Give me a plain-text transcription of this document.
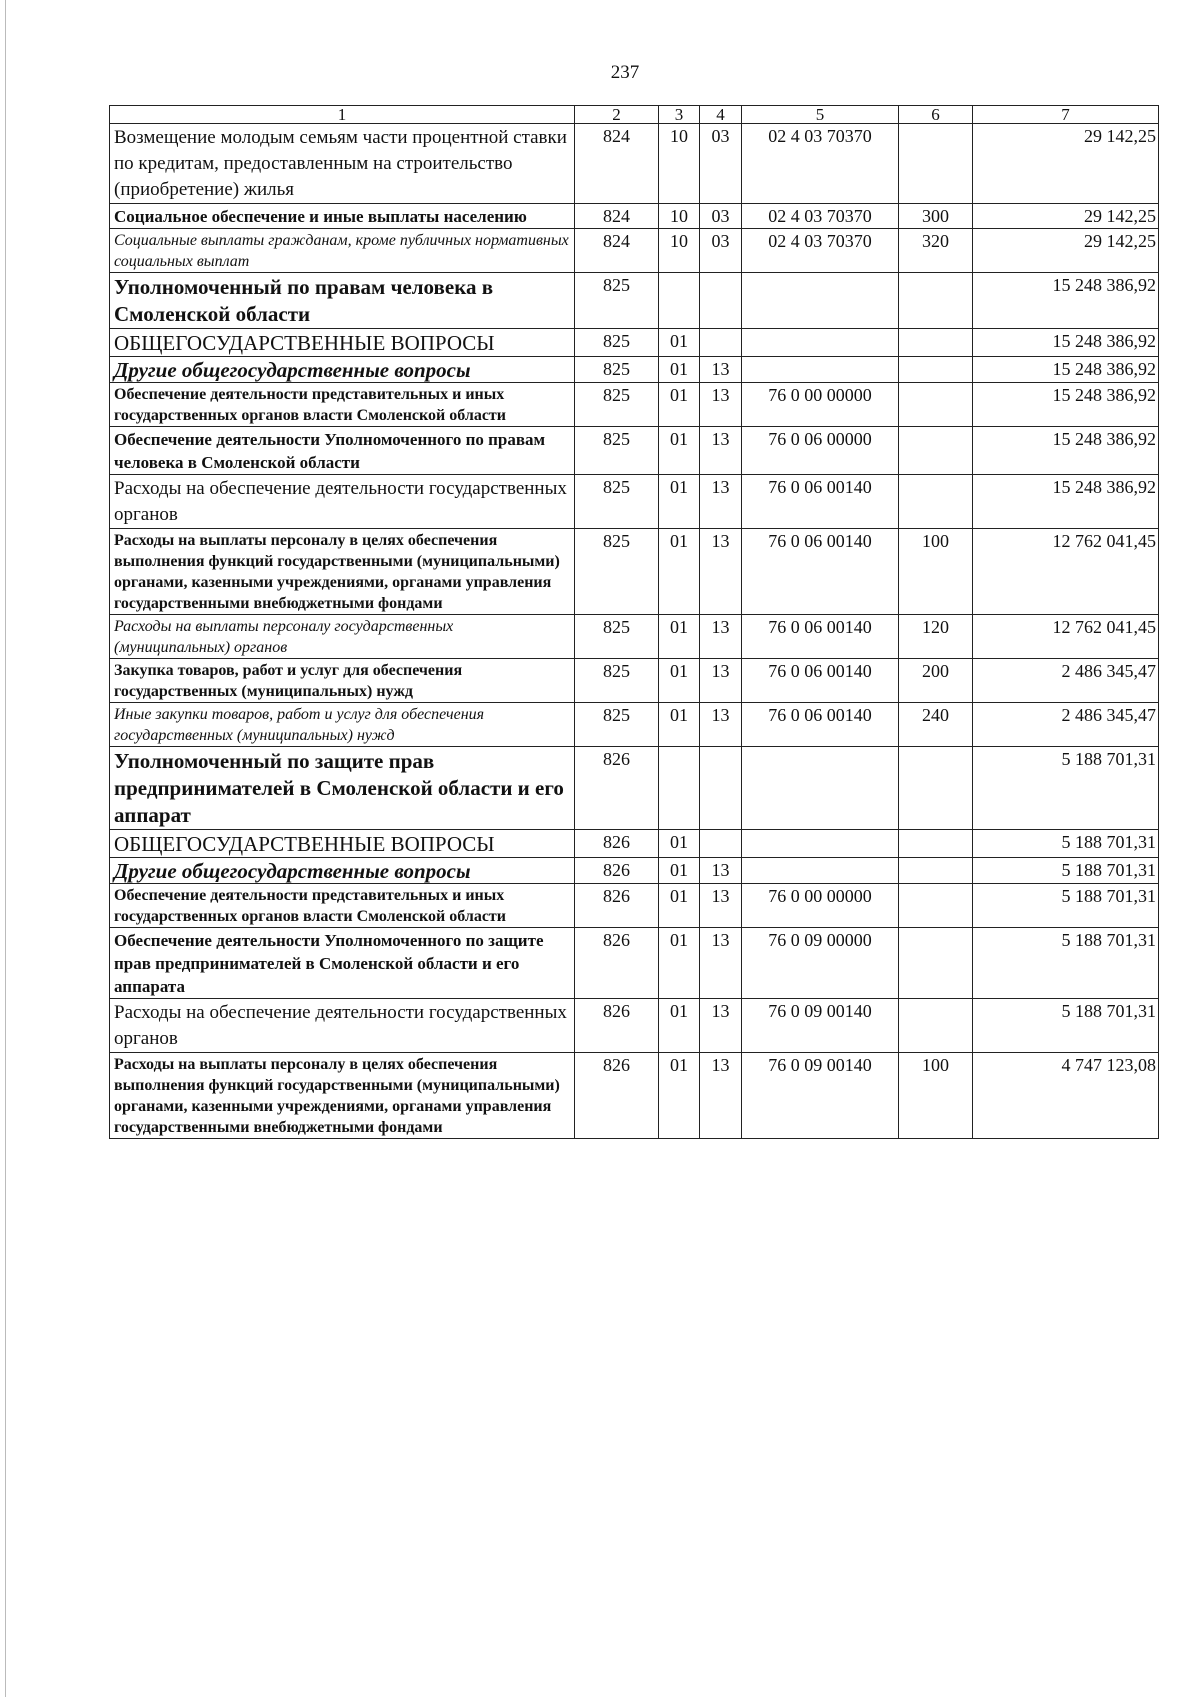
237
1	2	3	4	5	6	7
Возмещение молодым семьям части процентной ставки по кредитам, предоставленным на строительство (приобретение) жилья	824	10	03	02 4 03 70370		29 142,25
Социальное обеспечение и иные выплаты населению	824	10	03	02 4 03 70370	300	29 142,25
Социальные выплаты гражданам, кроме публичных нормативных социальных выплат	824	10	03	02 4 03 70370	320	29 142,25
Уполномоченный по правам человека в Смоленской области	825					15 248 386,92
ОБЩЕГОСУДАРСТВЕННЫЕ ВОПРОСЫ	825	01				15 248 386,92
Другие общегосударственные вопросы	825	01	13			15 248 386,92
Обеспечение деятельности представительных и иных государственных органов власти Смоленской области	825	01	13	76 0 00 00000		15 248 386,92
Обеспечение деятельности Уполномоченного по правам человека в Смоленской области	825	01	13	76 0 06 00000		15 248 386,92
Расходы на обеспечение деятельности государственных органов	825	01	13	76 0 06 00140		15 248 386,92
Расходы на выплаты персоналу в целях обеспечения выполнения функций государственными (муниципальными) органами, казенными учреждениями, органами управления государственными внебюджетными фондами	825	01	13	76 0 06 00140	100	12 762 041,45
Расходы на выплаты персоналу государственных (муниципальных) органов	825	01	13	76 0 06 00140	120	12 762 041,45
Закупка товаров, работ и услуг для обеспечения государственных (муниципальных) нужд	825	01	13	76 0 06 00140	200	2 486 345,47
Иные закупки товаров, работ и услуг для обеспечения государственных (муниципальных) нужд	825	01	13	76 0 06 00140	240	2 486 345,47
Уполномоченный по защите прав предпринимателей в Смоленской области и его аппарат	826					5 188 701,31
ОБЩЕГОСУДАРСТВЕННЫЕ ВОПРОСЫ	826	01				5 188 701,31
Другие общегосударственные вопросы	826	01	13			5 188 701,31
Обеспечение деятельности представительных и иных государственных органов власти Смоленской области	826	01	13	76 0 00 00000		5 188 701,31
Обеспечение деятельности Уполномоченного по защите прав предпринимателей в Смоленской области и его аппарата	826	01	13	76 0 09 00000		5 188 701,31
Расходы на обеспечение деятельности государственных органов	826	01	13	76 0 09 00140		5 188 701,31
Расходы на выплаты персоналу в целях обеспечения выполнения функций государственными (муниципальными) органами, казенными учреждениями, органами управления государственными внебюджетными фондами	826	01	13	76 0 09 00140	100	4 747 123,08
